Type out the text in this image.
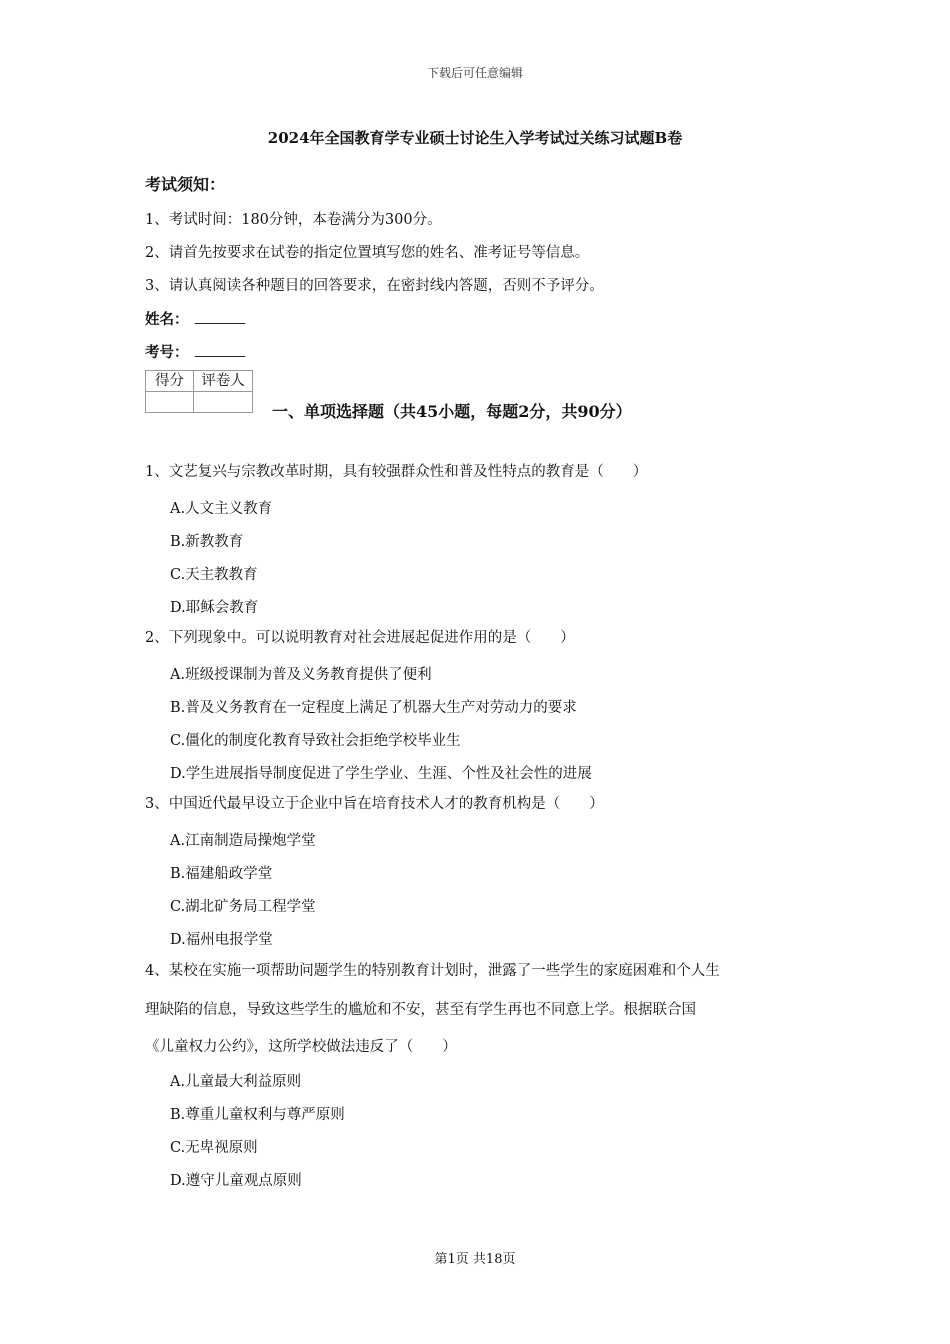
下载后可任意编辑
2024年全国教育学专业硕士讨论生入学考试过关练习试题B卷
考试须知：
1、考试时间：180分钟，本卷满分为300分。
2、请首先按要求在试卷的指定位置填写您的姓名、准考证号等信息。
3、请认真阅读各种题目的回答要求，在密封线内答题，否则不予评分。
姓名：
考号：
得分	评卷人

一、单项选择题（共45小题，每题2分，共90分）
1、文艺复兴与宗教改革时期，具有较强群众性和普及性特点的教育是（　　）
A.人文主义教育
B.新教教育
C.天主教教育
D.耶稣会教育
2、下列现象中。可以说明教育对社会进展起促进作用的是（　　）
A.班级授课制为普及义务教育提供了便利
B.普及义务教育在一定程度上满足了机器大生产对劳动力的要求
C.僵化的制度化教育导致社会拒绝学校毕业生
D.学生进展指导制度促进了学生学业、生涯、个性及社会性的进展
3、中国近代最早设立于企业中旨在培育技术人才的教育机构是（　　）
A.江南制造局操炮学堂
B.福建船政学堂
C.湖北矿务局工程学堂
D.福州电报学堂
4、某校在实施一项帮助问题学生的特别教育计划时，泄露了一些学生的家庭困难和个人生
理缺陷的信息，导致这些学生的尴尬和不安，甚至有学生再也不同意上学。根据联合国
《儿童权力公约》，这所学校做法违反了（　　）
A.儿童最大利益原则
B.尊重儿童权利与尊严原则
C.无卑视原则
D.遵守儿童观点原则
第1页 共18页
